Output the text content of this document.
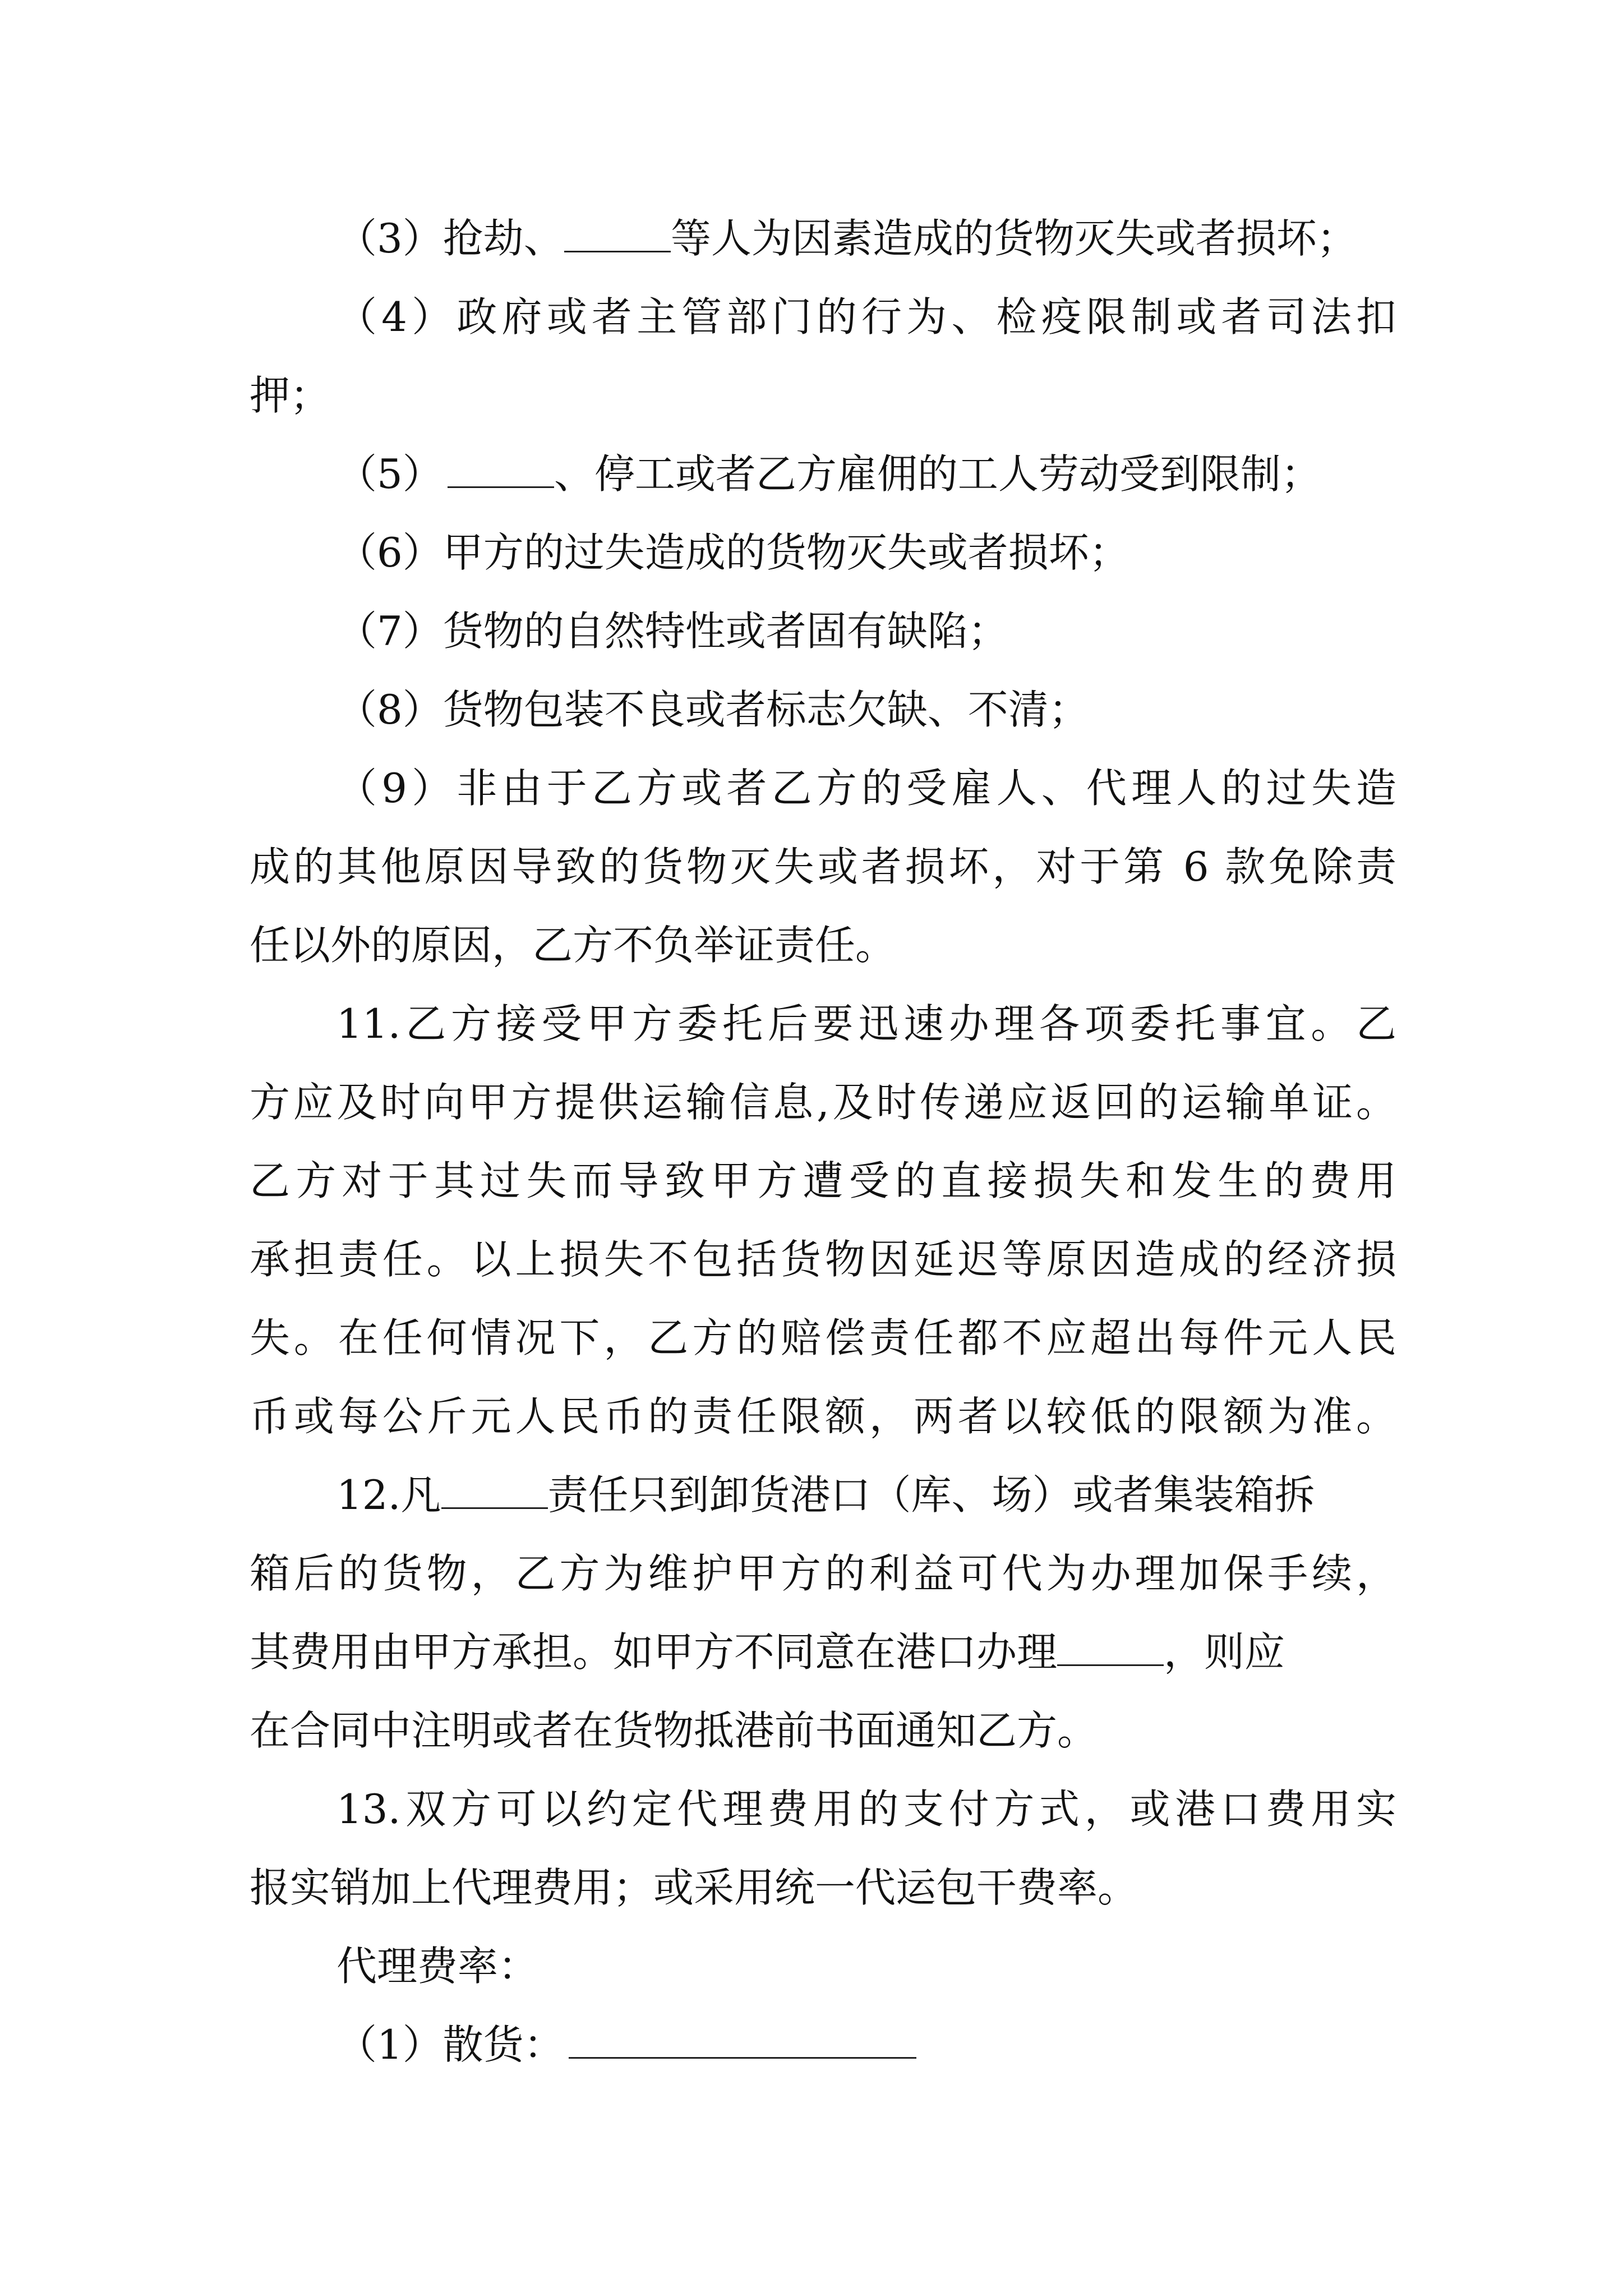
（3）抢劫、	等人为因素造成的货物灭失或者损坏；
（4）政府或者主管部门的行为、检疫限制或者司法扣
押；
（5）	、停工或者乙方雇佣的工人劳动受到限制；
（6）甲方的过失造成的货物灭失或者损坏；
（7）货物的自然特性或者固有缺陷；
（8）货物包装不良或者标志欠缺、不清；
（9）非由于乙方或者乙方的受雇人、代理人的过失造
成的其他原因导致的货物灭失或者损坏，对于第 6 款免除责
任以外的原因，乙方不负举证责任。
11.乙方接受甲方委托后要迅速办理各项委托事宜。乙
方应及时向甲方提供运输信息,及时传递应返回的运输单证。
乙方对于其过失而导致甲方遭受的直接损失和发生的费用
承担责任。以上损失不包括货物因延迟等原因造成的经济损
失。在任何情况下，乙方的赔偿责任都不应超出每件元人民
币或每公斤元人民币的责任限额，两者以较低的限额为准。
12.凡	责任只到卸货港口（库、场）或者集装箱拆
箱后的货物，乙方为维护甲方的利益可代为办理加保手续，
其费用由甲方承担。如甲方不同意在港口办理	，则应
在合同中注明或者在货物抵港前书面通知乙方。
13.双方可以约定代理费用的支付方式，或港口费用实
报实销加上代理费用；或采用统一代运包干费率。
代理费率：
（1）散货：
